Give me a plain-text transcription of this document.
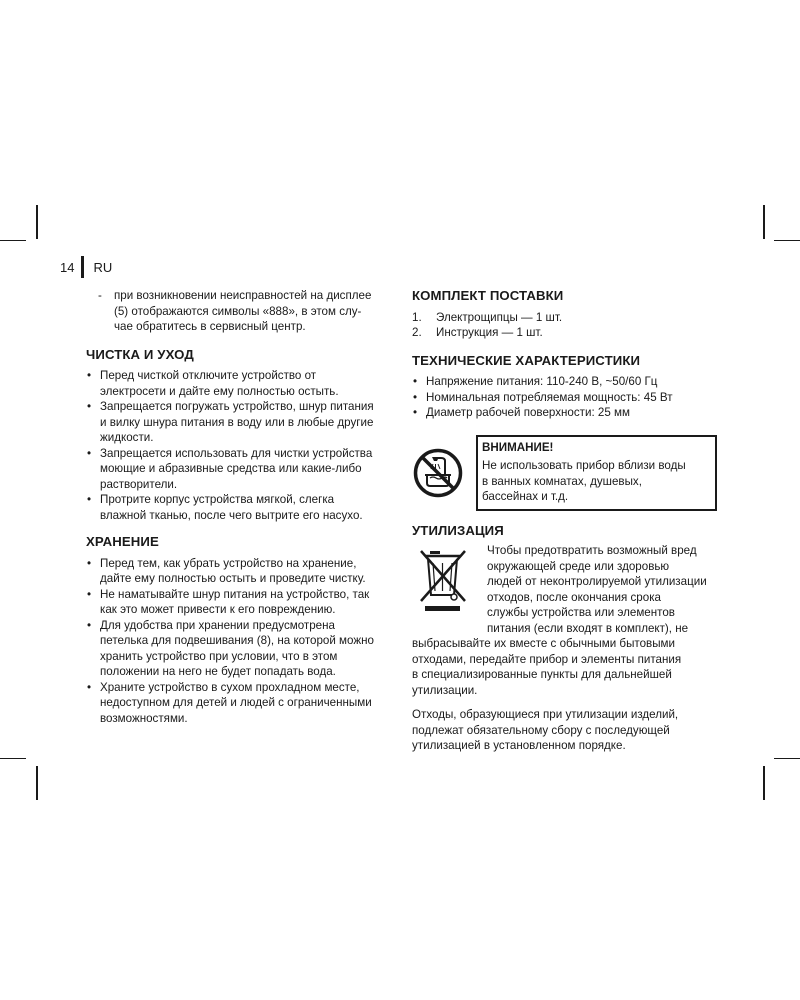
14 RU
-	при возникновении неисправностей на дисплее
(5) отображаются символы «888», в этом слу-
чае обратитесь в сервисный центр.
ЧИСТКА И УХОД
• Перед чисткой отключите устройство от
электросети и дайте ему полностью остыть.
• Запрещается погружать устройство, шнур питания
и вилку шнура питания в воду или в любые другие
жидкости.
• Запрещается использовать для чистки устройства
моющие и абразивные средства или какие-либо
растворители.
• Протрите корпус устройства мягкой, слегка
влажной тканью, после чего вытрите его насухо.
ХРАНЕНИЕ
• Перед тем, как убрать устройство на хранение,
дайте ему полностью остыть и проведите чистку.
• Не наматывайте шнур питания на устройство, так
как это может привести к его повреждению.
• Для удобства при хранении предусмотрена
петелька для подвешивания (8), на которой можно
хранить устройство при условии, что в этом
положении на него не будет попадать вода.
• Храните устройство в сухом прохладном месте,
недоступном для детей и людей с ограниченными
возможностями.
КОМПЛЕКТ ПОСТАВКИ
1.	Электрощипцы — 1 шт.
2.	Инструкция — 1 шт.
ТЕХНИЧЕСКИЕ ХАРАКТЕРИСТИКИ
• Напряжение питания: 110-240 В, ~50/60 Гц
• Номинальная потребляемая мощность: 45 Вт
• Диаметр рабочей поверхности: 25 мм
ВНИМАНИЕ!
Не использовать прибор вблизи воды
в ванных комнатах, душевых,
бассейнах и т.д.
УТИЛИЗАЦИЯ
Чтобы предотвратить возможный вред
окружающей среде или здоровью
людей от неконтролируемой утилизации
отходов, после окончания срока
службы устройства или элементов
питания (если входят в комплект), не
выбрасывайте их вместе с обычными бытовыми
отходами, передайте прибор и элементы питания
в специализированные пункты для дальнейшей
утилизации.
Отходы, образующиеся при утилизации изделий,
подлежат обязательному сбору с последующей
утилизацией в установленном порядке.
